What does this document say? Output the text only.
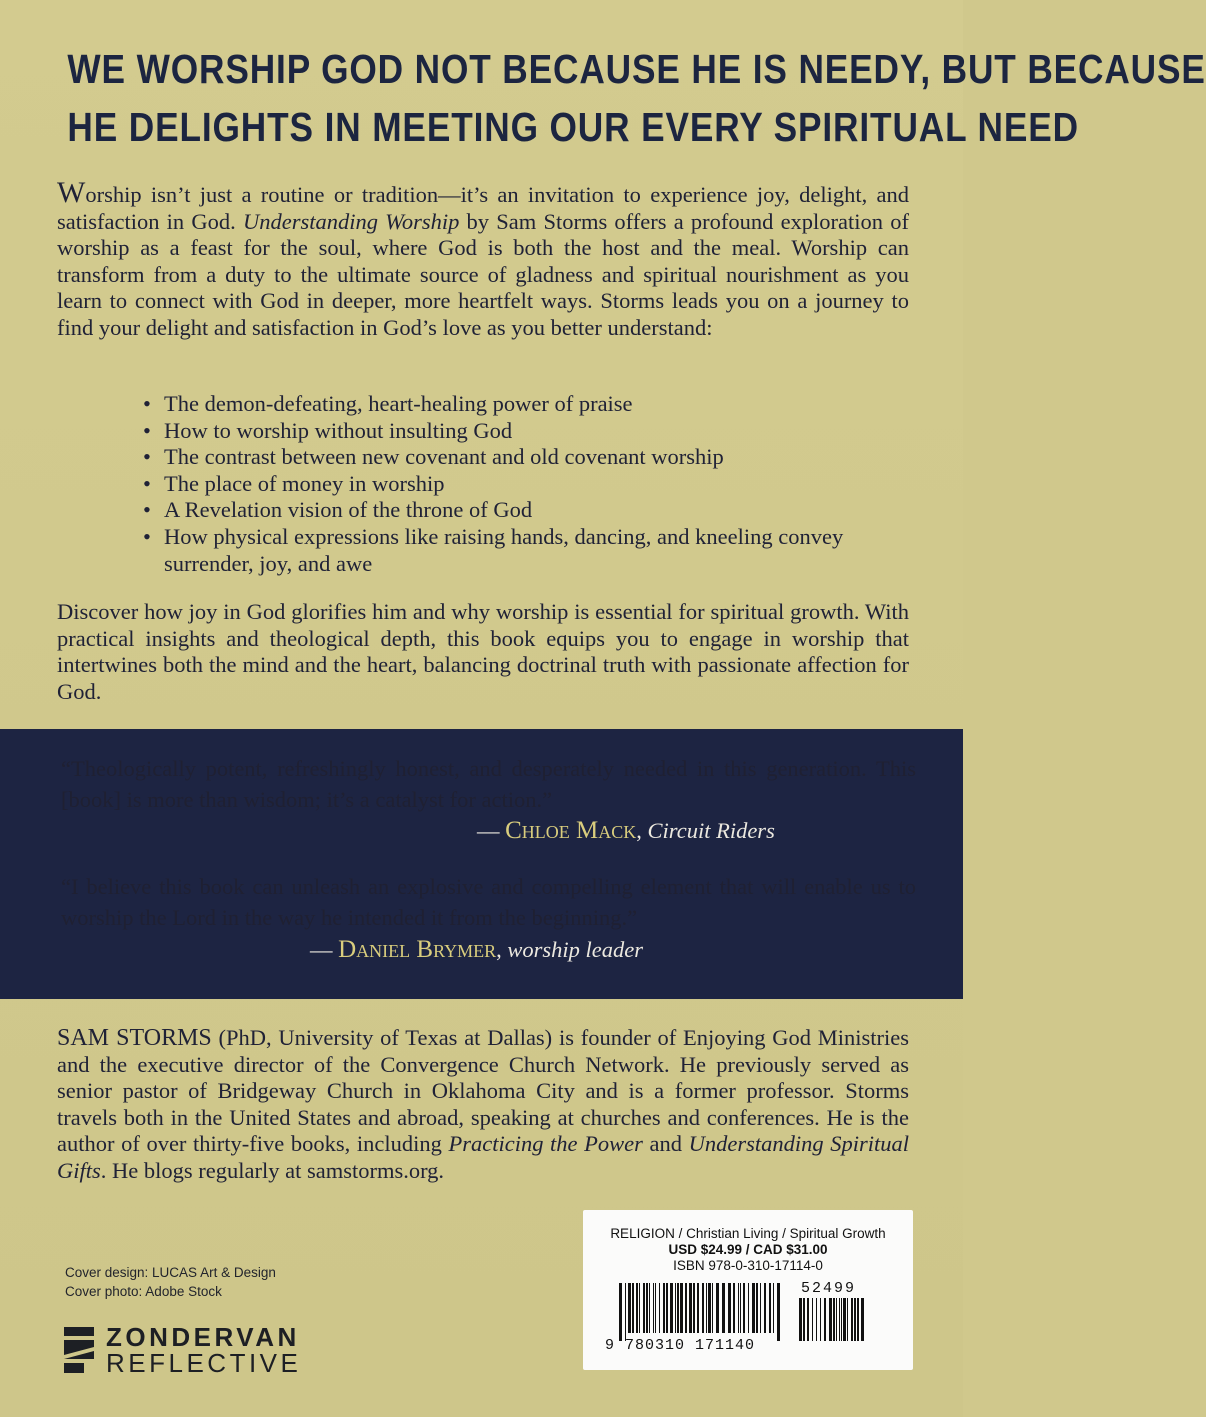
WE WORSHIP GOD NOT BECAUSE HE IS NEEDY, BUT BECAUSE
HE DELIGHTS IN MEETING OUR EVERY SPIRITUAL NEED

Worship isn’t just a routine or tradition—it’s an invitation to experience joy, delight, and satisfaction in God. Understanding Worship by Sam Storms offers a profound exploration of worship as a feast for the soul, where God is both the host and the meal. Worship can transform from a duty to the ultimate source of gladness and spiritual nourishment as you learn to connect with God in deeper, more heartfelt ways. Storms leads you on a journey to find your delight and satisfaction in God’s love as you better understand:

• The demon-defeating, heart-healing power of praise
• How to worship without insulting God
• The contrast between new covenant and old covenant worship
• The place of money in worship
• A Revelation vision of the throne of God
• How physical expressions like raising hands, dancing, and kneeling convey surrender, joy, and awe

Discover how joy in God glorifies him and why worship is essential for spiritual growth. With practical insights and theological depth, this book equips you to engage in worship that intertwines both the mind and the heart, balancing doctrinal truth with passionate affection for God.

“Theologically potent, refreshingly honest, and desperately needed in this generation. This [book] is more than wisdom; it’s a catalyst for action.”

— Chloe Mack, Circuit Riders

“I believe this book can unleash an explosive and compelling element that will enable us to worship the Lord in the way he intended it from the beginning.”

— Daniel Brymer, worship leader

SAM STORMS (PhD, University of Texas at Dallas) is founder of Enjoying God Ministries and the executive director of the Convergence Church Network. He previously served as senior pastor of Bridgeway Church in Oklahoma City and is a former professor. Storms travels both in the United States and abroad, speaking at churches and conferences. He is the author of over thirty-five books, including Practicing the Power and Understanding Spiritual Gifts. He blogs regularly at samstorms.org.

Cover design: LUCAS Art & Design
Cover photo: Adobe Stock
ZONDERVAN
REFLECTIVE
RELIGION / Christian Living / Spiritual Growth
USD $24.99 / CAD $31.00
ISBN 978-0-310-17114-0
52499
9 780310 171140
